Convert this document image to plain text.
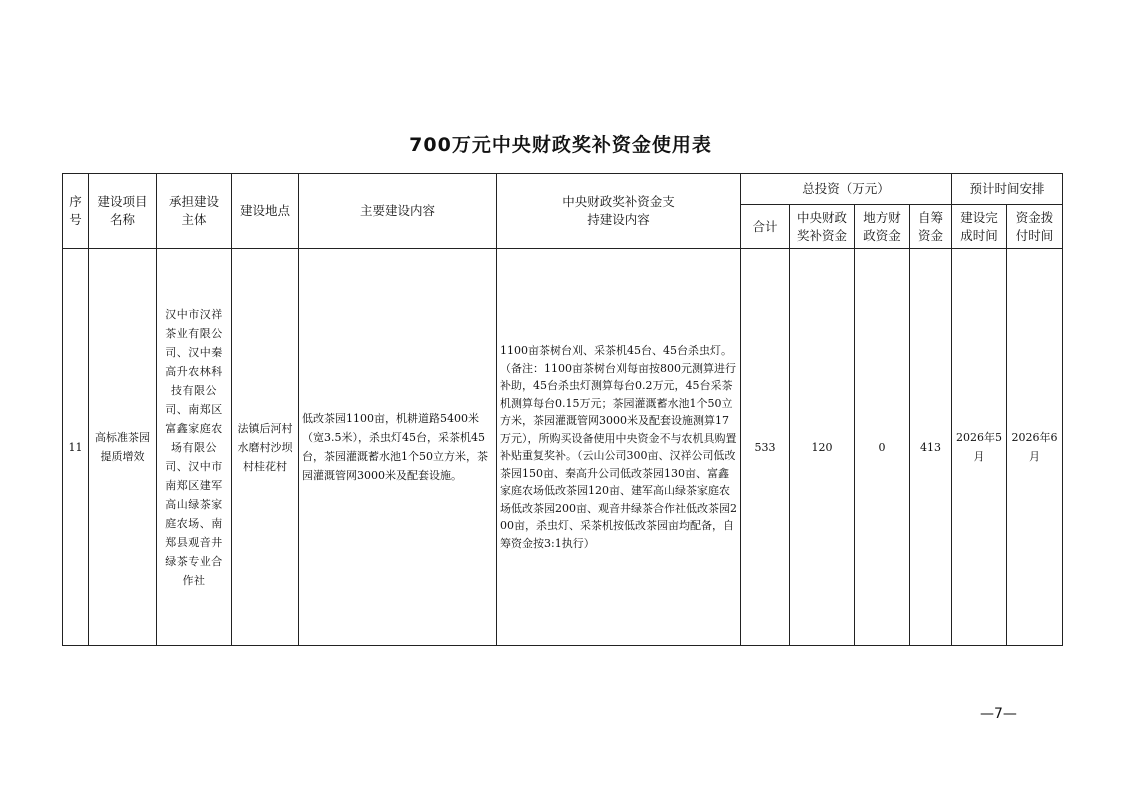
700万元中央财政奖补资金使用表
序号	建设项目名称	承担建设主体	建设地点	主要建设内容	中央财政奖补资金支持建设内容	总投资（万元）				预计时间安排	
						合计	中央财政奖补资金	地方财政资金	自筹资金	建设完成时间	资金拨付时间

11	高标准茶园提质增效	汉中市汉祥茶业有限公司、汉中秦高升农林科技有限公司、南郑区富鑫家庭农场有限公司、汉中市南郑区建军高山绿茶家庭农场、南郑县观音井绿茶专业合作社	法镇后河村水磨村沙坝村桂花村	低改茶园1100亩，机耕道路5400米（宽3.5米），杀虫灯45台，采茶机45台，茶园灌溉蓄水池1个50立方米，茶园灌溉管网3000米及配套设施。	1100亩茶树台刈、采茶机45台、45台杀虫灯。（备注：1100亩茶树台刈每亩按800元测算进行补助，45台杀虫灯测算每台0.2万元，45台采茶机测算每台0.15万元；茶园灌溉蓄水池1个50立方米，茶园灌溉管网3000米及配套设施测算17万元），所购买设备使用中央资金不与农机具购置补贴重复奖补。（云山公司300亩、汉祥公司低改茶园150亩、秦高升公司低改茶园130亩、富鑫家庭农场低改茶园120亩、建军高山绿茶家庭农场低改茶园200亩、观音井绿茶合作社低改茶园200亩，杀虫灯、采茶机按低改茶园亩均配备，自筹资金按3:1执行）	533	120	0	413	2026年5月	2026年6月
—7—
